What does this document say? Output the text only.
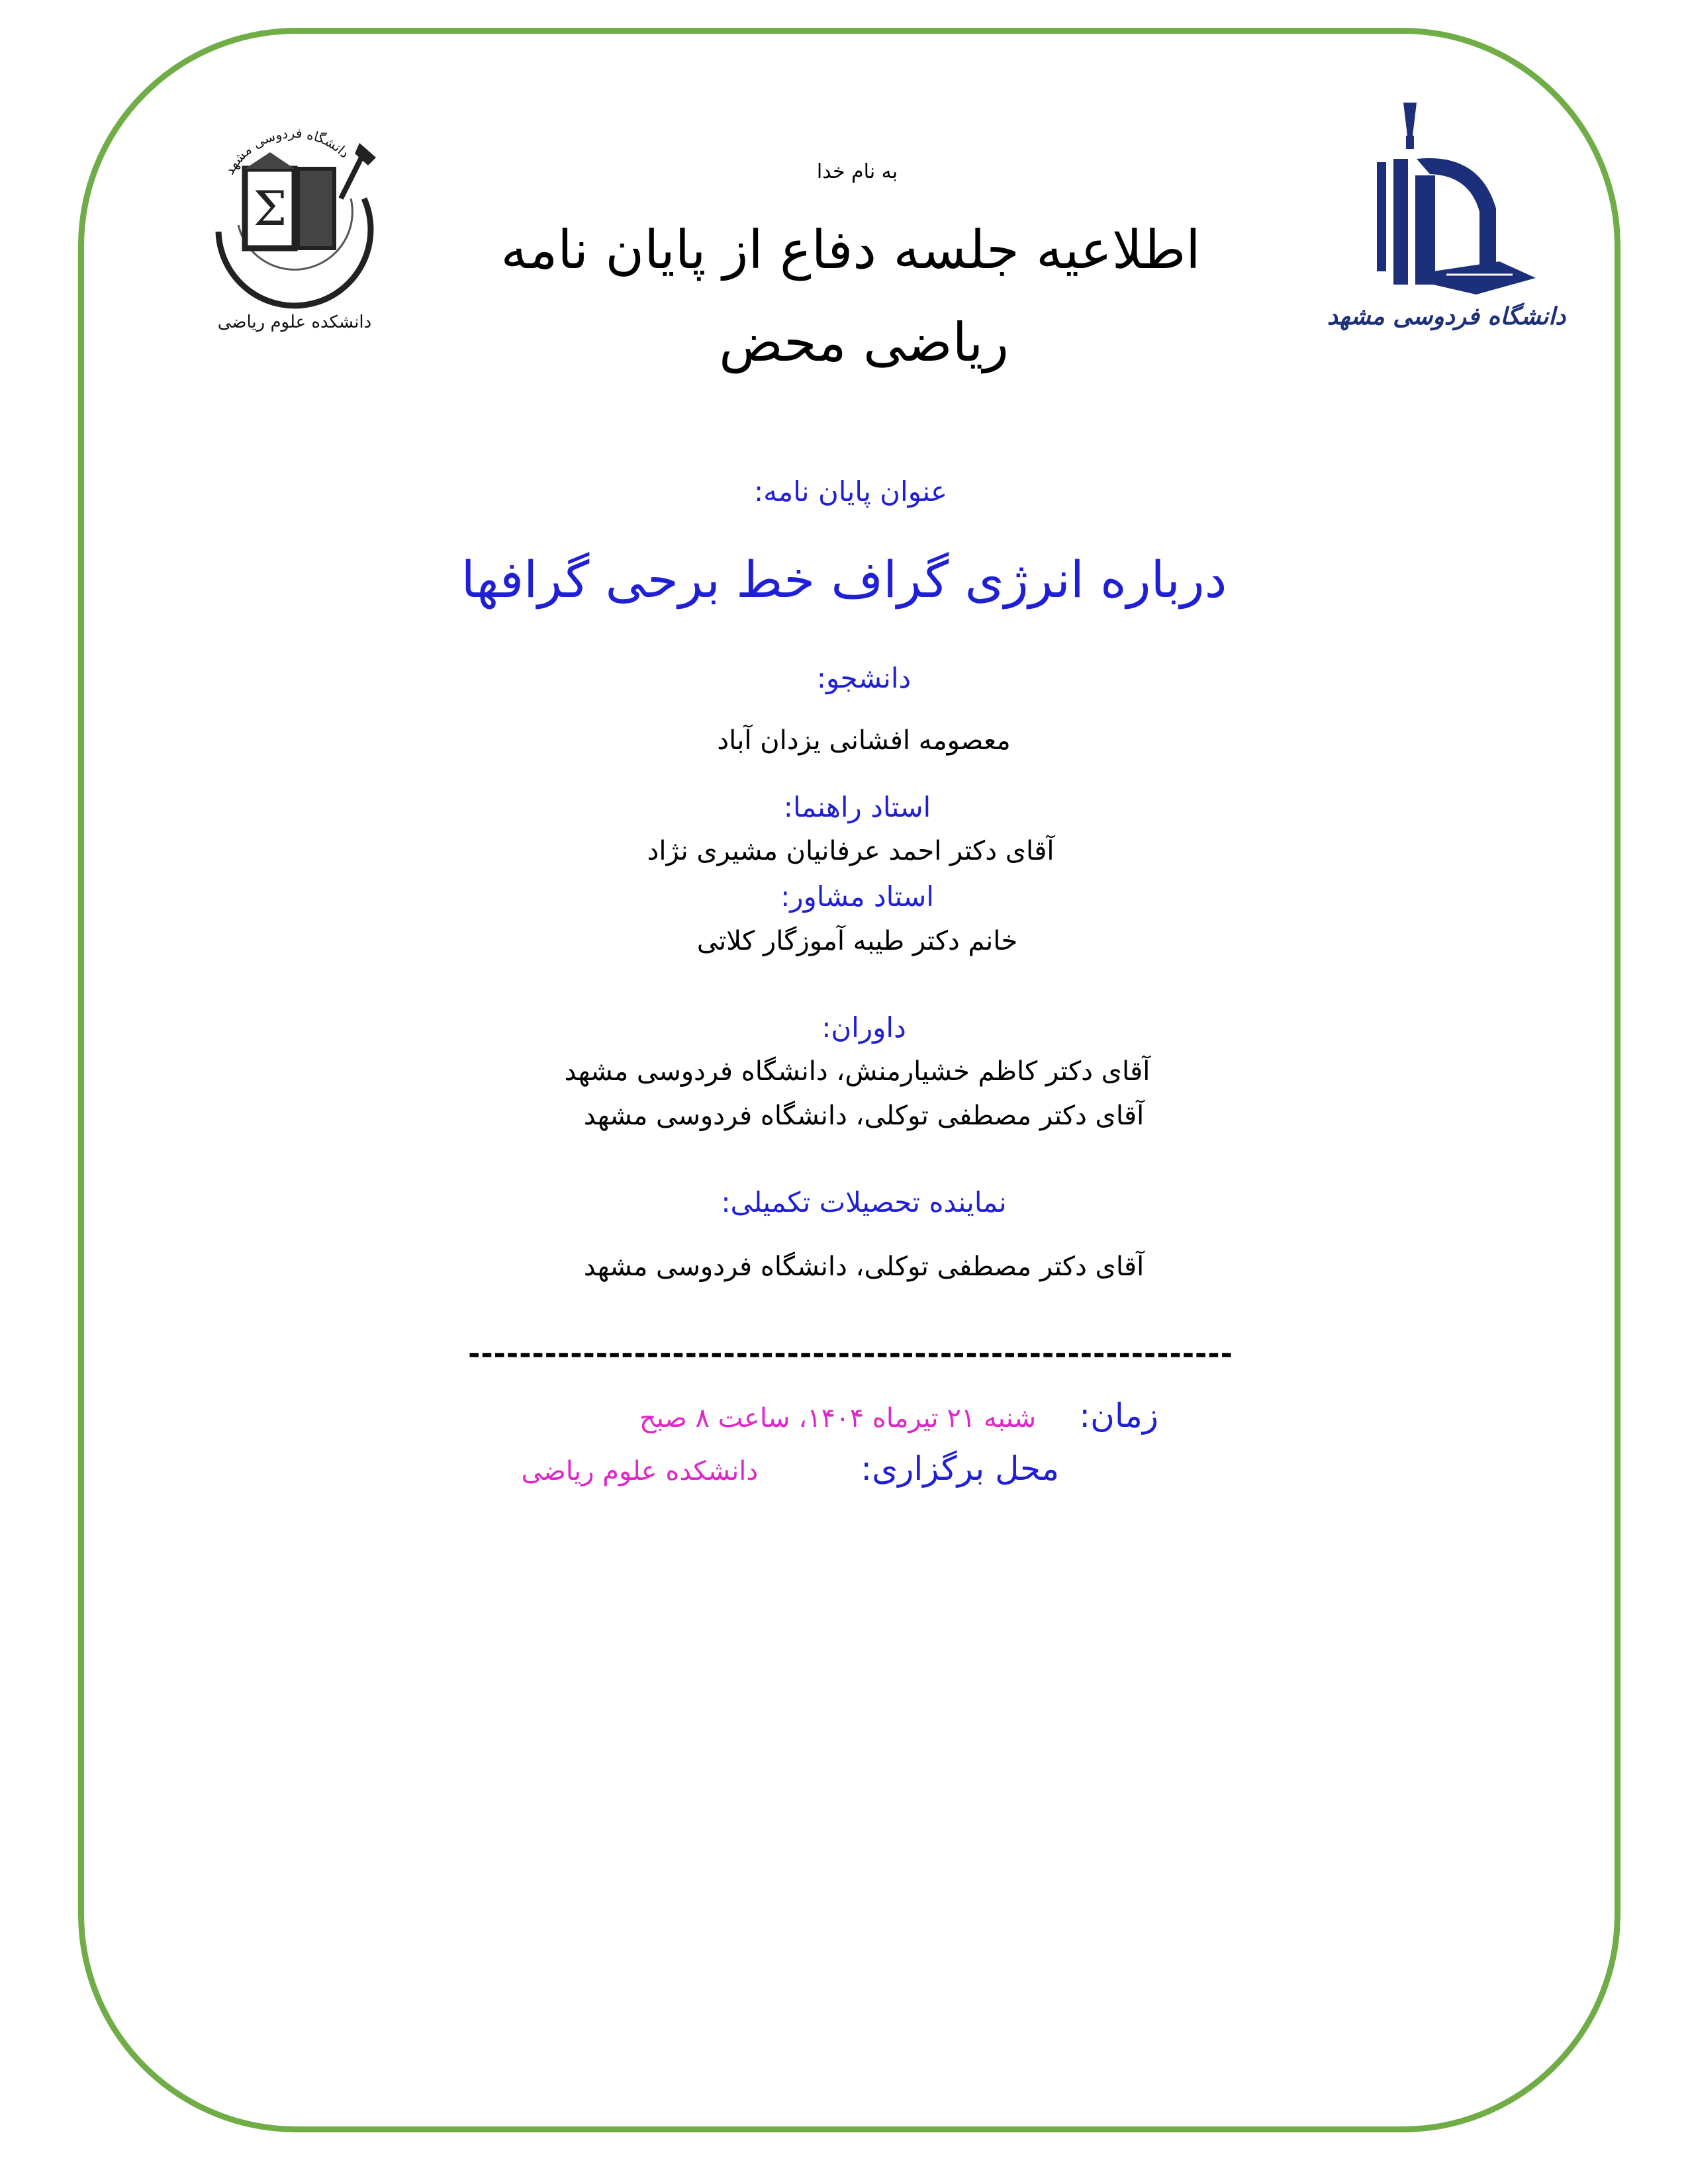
دانشگاه فردوسی مشهد
Σ
دانشکده علوم ریاضی	دانشگاه فردوسی مشهد
به نام خدا
اطلاعیه جلسه دفاع از پایان نامه
ریاضی محض
عنوان پایان نامه:
درباره انرژی گراف خط برحی گرافها
دانشجو:
معصومه افشانی یزدان آباد
استاد راهنما:
آقای دکتر احمد عرفانیان مشیری نژاد
استاد مشاور:
خانم دکتر طیبه آموزگار کلاتی
داوران:
آقای دکتر کاظم خشیارمنش، دانشگاه فردوسی مشهد
آقای دکتر مصطفی توکلی، دانشگاه فردوسی مشهد
نماینده تحصیلات تکمیلی:
آقای دکتر مصطفی توکلی، دانشگاه فردوسی مشهد
------------------------------------------------------------
زمان: شنبه ۲۱ تیرماه ۱۴۰۴، ساعت ۸ صبح
محل برگزاری: دانشکده علوم ریاضی
